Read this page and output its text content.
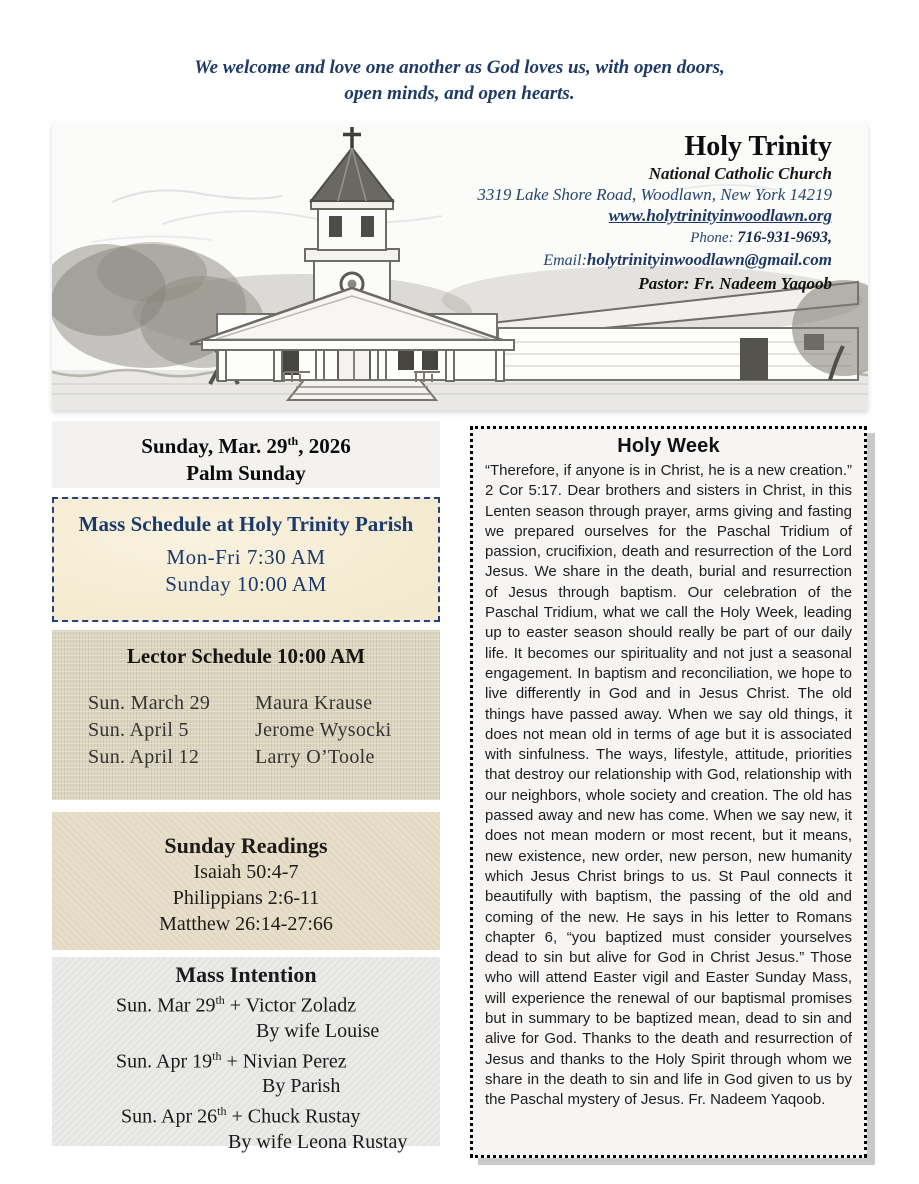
We welcome and love one another as God loves us, with open doors,
open minds, and open hearts.
Holy Trinity
National Catholic Church
3319 Lake Shore Road, Woodlawn, New York 14219
www.holytrinityinwoodlawn.org
Phone: 716-931-9693,
Email:holytrinityinwoodlawn@gmail.com
Pastor: Fr. Nadeem Yaqoob
Sunday, Mar. 29th, 2026
Palm Sunday
Mass Schedule at Holy Trinity Parish
Mon-Fri 7:30 AM
Sunday 10:00 AM
Lector Schedule 10:00 AM
Sun. March 29	Maura Krause
Sun. April 5	Jerome Wysocki
Sun. April 12	Larry O’Toole
Sunday Readings
Isaiah 50:4-7
Philippians 2:6-11
Matthew 26:14-27:66
Mass Intention
Sun. Mar 29th + Victor Zoladz
By wife Louise
Sun. Apr 19th + Nivian Perez
By Parish
Sun. Apr 26th + Chuck Rustay
By wife Leona Rustay
Holy Week
“Therefore, if anyone is in Christ, he is a new creation.” 2 Cor 5:17. Dear brothers and sisters in Christ, in this Lenten season through prayer, arms giving and fasting we prepared ourselves for the Paschal Tridium of passion, crucifixion, death and resurrection of the Lord Jesus. We share in the death, burial and resurrection of Jesus through baptism. Our celebration of the Paschal Tridium, what we call the Holy Week, leading up to easter season should really be part of our daily life. It becomes our spirituality and not just a seasonal engagement. In baptism and reconciliation, we hope to live differently in God and in Jesus Christ. The old things have passed away. When we say old things, it does not mean old in terms of age but it is associated with sinfulness. The ways, lifestyle, attitude, priorities that destroy our relationship with God, relationship with our neighbors, whole society and creation. The old has passed away and new has come. When we say new, it does not mean modern or most recent, but it means, new existence, new order, new person, new humanity which Jesus Christ brings to us. St Paul connects it beautifully with baptism, the passing of the old and coming of the new. He says in his letter to Romans chapter 6, “you baptized must consider yourselves dead to sin but alive for God in Christ Jesus.” Those who will attend Easter vigil and Easter Sunday Mass, will experience the renewal of our baptismal promises but in summary to be baptized mean, dead to sin and alive for God. Thanks to the death and resurrection of Jesus and thanks to the Holy Spirit through whom we share in the death to sin and life in God given to us by the Paschal mystery of Jesus. Fr. Nadeem Yaqoob.
